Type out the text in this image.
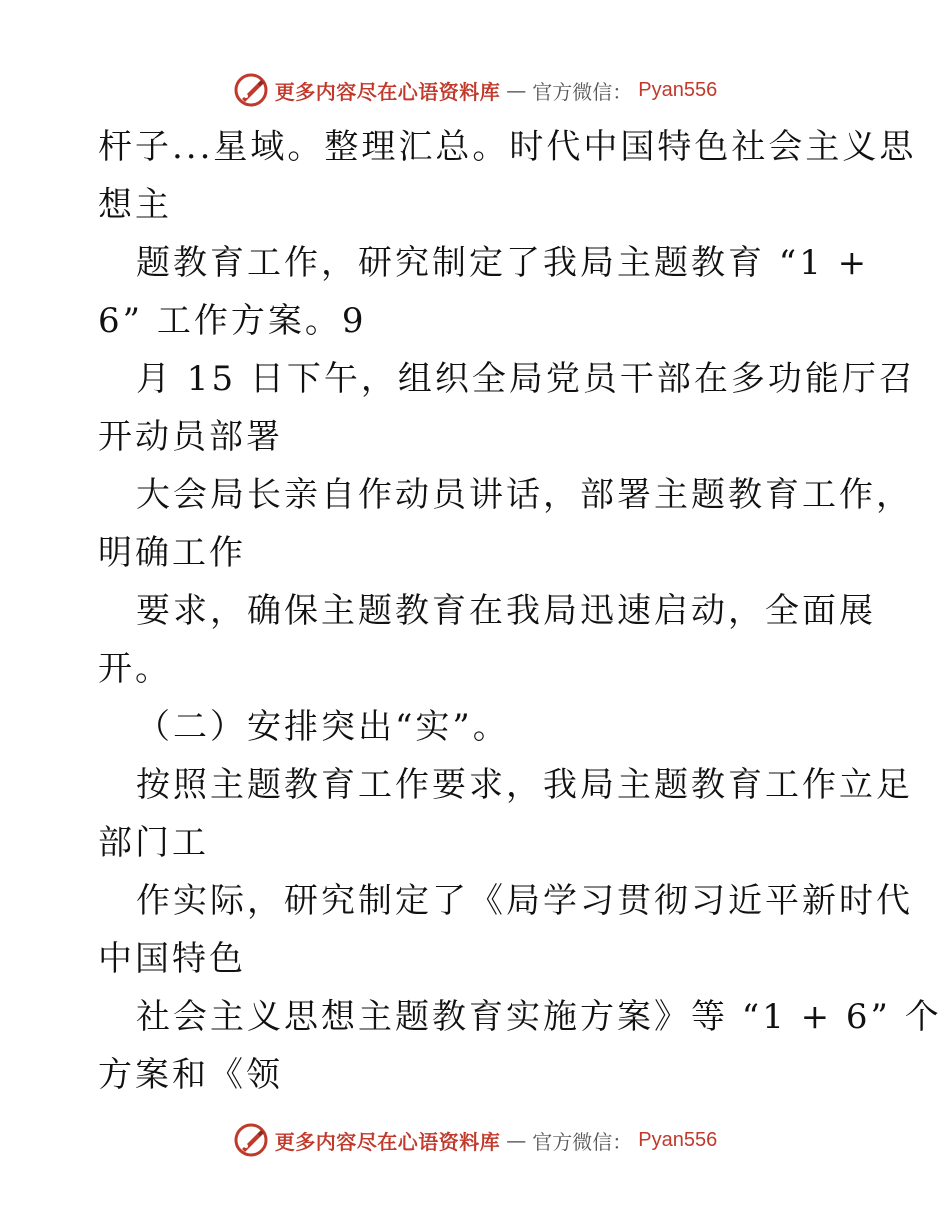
更多内容尽在心语资料库 — 官方微信： Pyan556
杆子...星域。整理汇总。时代中国特色社会主义思
想主
题教育工作，研究制定了我局主题教育 “1 +
6” 工作方案。9
月 15 日下午，组织全局党员干部在多功能厅召
开动员部署
大会局长亲自作动员讲话，部署主题教育工作，
明确工作
要求，确保主题教育在我局迅速启动，全面展
开。
（二）安排突出“实”。
按照主题教育工作要求，我局主题教育工作立足
部门工
作实际，研究制定了《局学习贯彻习近平新时代
中国特色
社会主义思想主题教育实施方案》等 “1 + 6” 个
方案和《领
更多内容尽在心语资料库 — 官方微信： Pyan556
